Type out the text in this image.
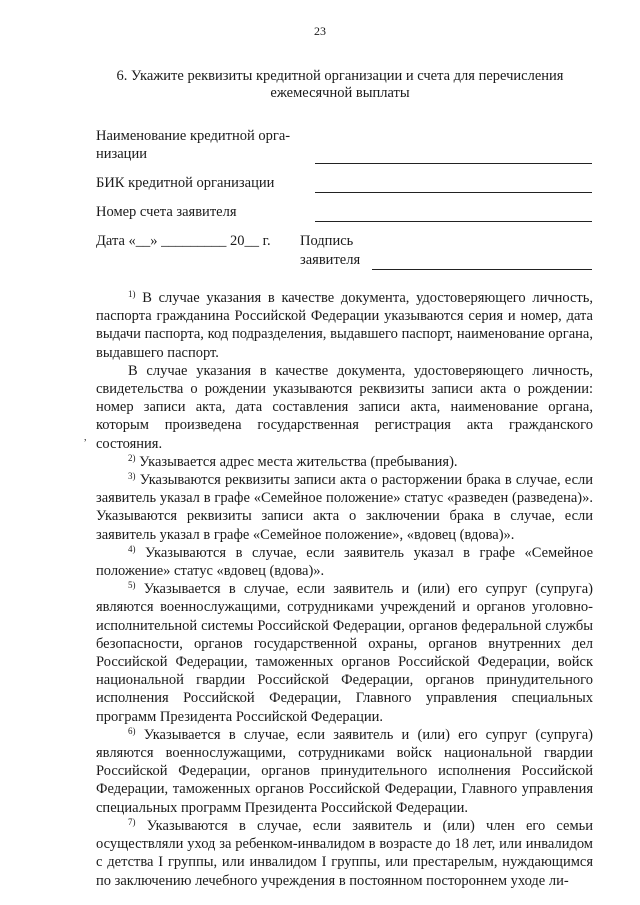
23
6. Укажите реквизиты кредитной организации и счета для перечисления
ежемесячной выплаты
Наименование кредитной орга-
низации
БИК кредитной организации
Номер счета заявителя
Дата «__» _________ 20__ г. Подпись
заявителя
,

$^{1)}$ В случае указания в качестве документа, удостоверяющего личность, паспорта гражданина Российской Федерации указываются серия и номер, дата выдачи паспорта, код подразделения, выдавшего паспорт, наименование органа, выдавшего паспорт.

В случае указания в качестве документа, удостоверяющего личность, свидетельства о рождении указываются реквизиты записи акта о рождении: номер записи акта, дата составления записи акта, наименование органа, которым произведена государственная регистрация акта гражданского состояния.

$^{2)}$ Указывается адрес места жительства (пребывания).

$^{3)}$ Указываются реквизиты записи акта о расторжении брака в случае, если заявитель указал в графе «Семейное положение» статус «разведен (разведена)». Указываются реквизиты записи акта о заключении брака в случае, если заявитель указал в графе «Семейное положение», «вдовец (вдова)».

$^{4)}$ Указываются в случае, если заявитель указал в графе «Семейное положение» статус «вдовец (вдова)».

$^{5)}$ Указывается в случае, если заявитель и (или) его супруг (супруга) являются военнослужащими, сотрудниками учреждений и органов уголовно-исполнительной системы Российской Федерации, органов федеральной службы безопасности, органов государственной охраны, органов внутренних дел Российской Федерации, таможенных органов Российской Федерации, войск национальной гвардии Российской Федерации, органов принудительного исполнения Российской Федерации, Главного управления специальных программ Президента Российской Федерации.

$^{6)}$ Указывается в случае, если заявитель и (или) его супруг (супруга) являются военнослужащими, сотрудниками войск национальной гвардии Российской Федерации, органов принудительного исполнения Российской Федерации, таможенных органов Российской Федерации, Главного управления специальных программ Президента Российской Федерации.

$^{7)}$ Указываются в случае, если заявитель и (или) член его семьи осуществляли уход за ребенком-инвалидом в возрасте до 18 лет, или инвалидом с детства I группы, или инвалидом I группы, или престарелым, нуждающимся по заключению лечебного учреждения в постоянном постороннем уходе ли-
